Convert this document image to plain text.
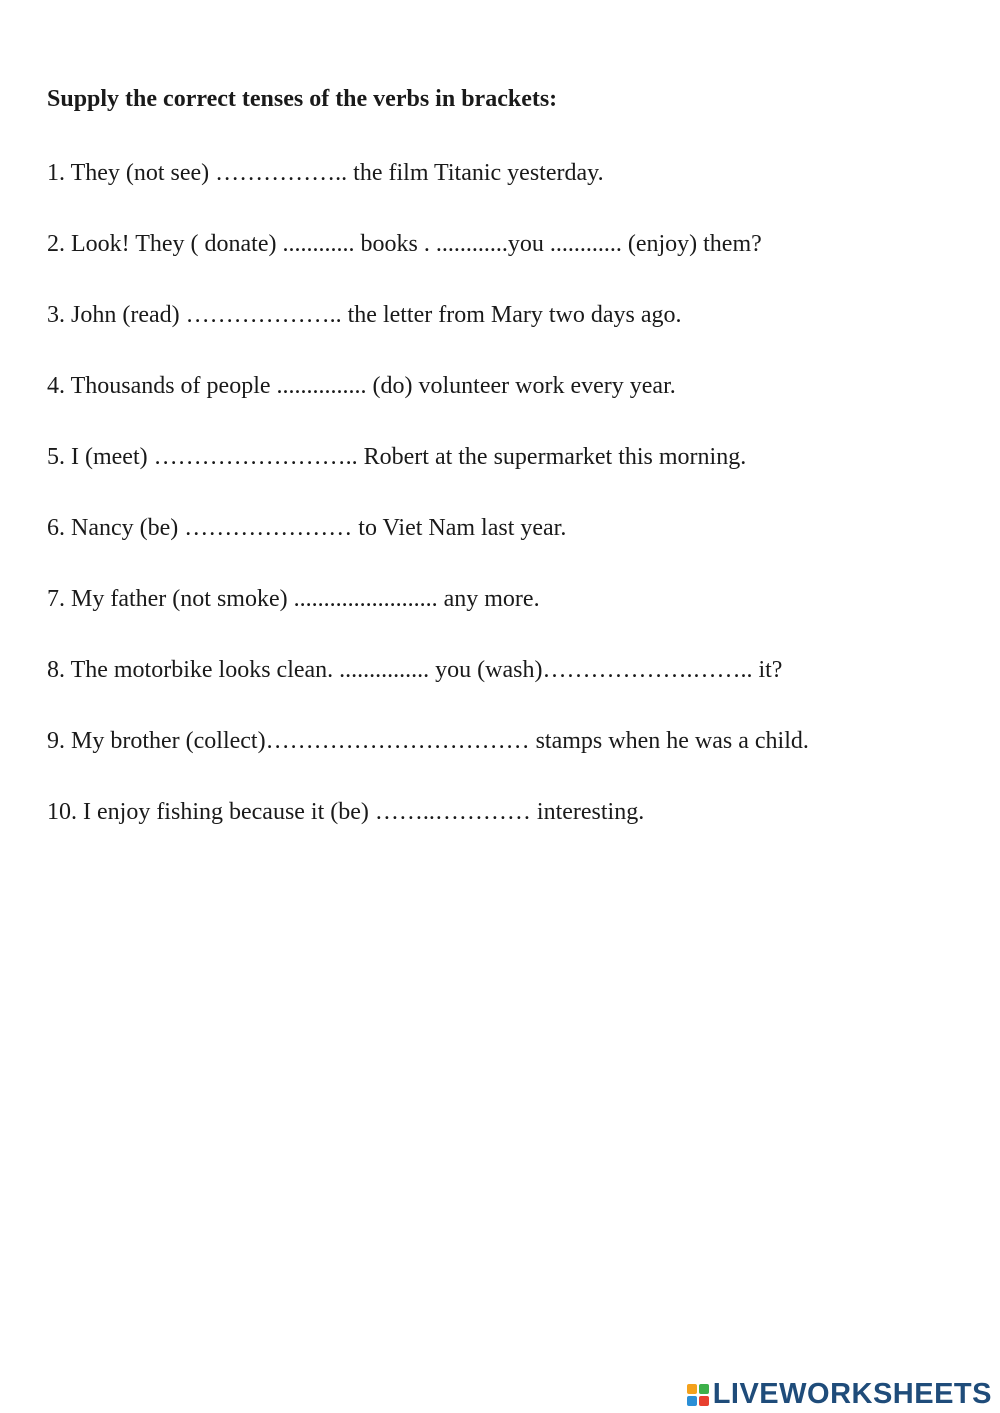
Supply the correct tenses of the verbs in brackets:
1. They (not see) …………….. the film Titanic yesterday.
2. Look! They ( donate) ............ books . ............you ............ (enjoy) them?
3. John (read) ……………….. the letter from Mary two days ago.
4. Thousands of people ............... (do) volunteer work every year.
5. I (meet) …………………….. Robert at the supermarket this morning.
6. Nancy (be) ………………… to Viet Nam last year.
7. My father (not smoke) ........................ any more.
8. The motorbike looks clean. ............... you (wash)……………….…….. it?
9. My brother (collect)…………………………… stamps when he was a child.
10. I enjoy fishing because it (be) ……..………… interesting.
LIVEWORKSHEETS
